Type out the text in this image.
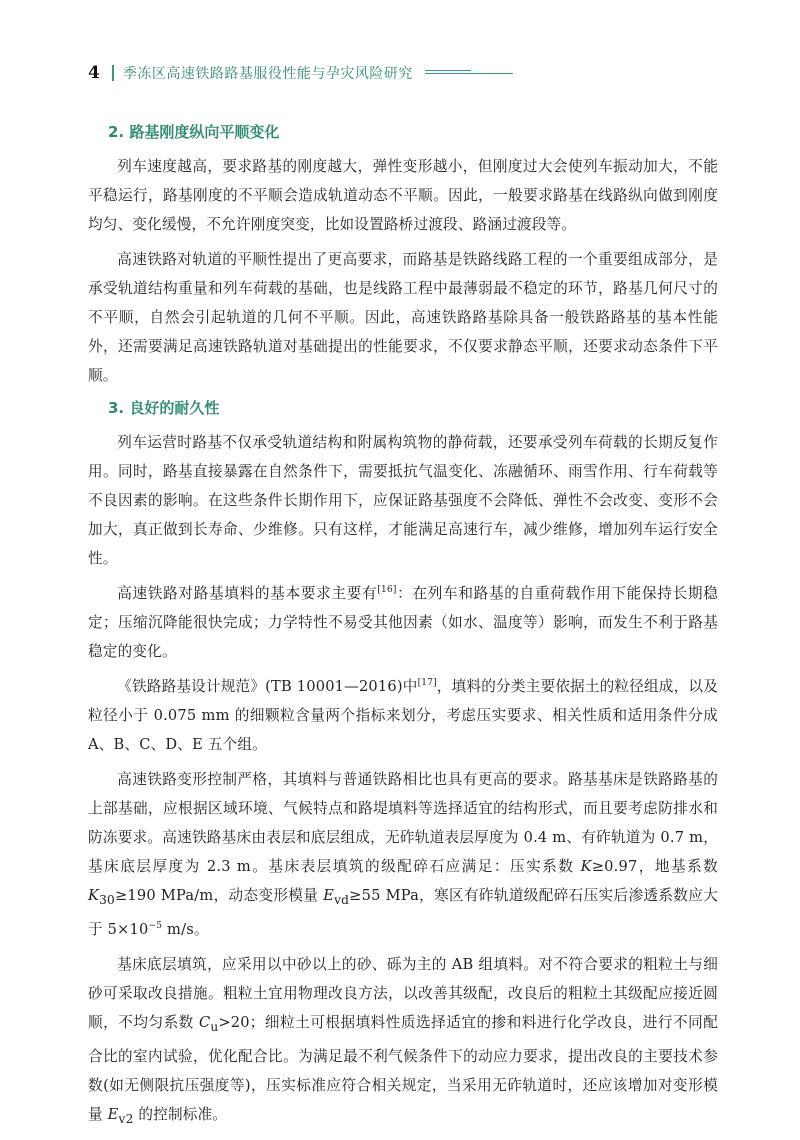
4 季冻区高速铁路路基服役性能与孕灾风险研究
2. 路基刚度纵向平顺变化

列车速度越高，要求路基的刚度越大，弹性变形越小，但刚度过大会使列车振动加大，不能平稳运行，路基刚度的不平顺会造成轨道动态不平顺。因此，一般要求路基在线路纵向做到刚度均匀、变化缓慢，不允许刚度突变，比如设置路桥过渡段、路涵过渡段等。

高速铁路对轨道的平顺性提出了更高要求，而路基是铁路线路工程的一个重要组成部分，是承受轨道结构重量和列车荷载的基础，也是线路工程中最薄弱最不稳定的环节，路基几何尺寸的不平顺，自然会引起轨道的几何不平顺。因此，高速铁路路基除具备一般铁路路基的基本性能外，还需要满足高速铁路轨道对基础提出的性能要求，不仅要求静态平顺，还要求动态条件下平顺。

3. 良好的耐久性

列车运营时路基不仅承受轨道结构和附属构筑物的静荷载，还要承受列车荷载的长期反复作用。同时，路基直接暴露在自然条件下，需要抵抗气温变化、冻融循环、雨雪作用、行车荷载等不良因素的影响。在这些条件长期作用下，应保证路基强度不会降低、弹性不会改变、变形不会加大，真正做到长寿命、少维修。只有这样，才能满足高速行车，减少维修，增加列车运行安全性。

高速铁路对路基填料的基本要求主要有[16]：在列车和路基的自重荷载作用下能保持长期稳定；压缩沉降能很快完成；力学特性不易受其他因素（如水、温度等）影响，而发生不利于路基稳定的变化。

《铁路路基设计规范》(TB 10001—2016)中[17]，填料的分类主要依据土的粒径组成，以及粒径小于 0.075 mm 的细颗粒含量两个指标来划分，考虑压实要求、相关性质和适用条件分成 A、B、C、D、E 五个组。

高速铁路变形控制严格，其填料与普通铁路相比也具有更高的要求。路基基床是铁路路基的上部基础，应根据区域环境、气候特点和路堤填料等选择适宜的结构形式，而且要考虑防排水和防冻要求。高速铁路基床由表层和底层组成，无砟轨道表层厚度为 0.4 m、有砟轨道为 0.7 m，基床底层厚度为 2.3 m。基床表层填筑的级配碎石应满足：压实系数 K≥0.97，地基系数 $K_{30}\ge 190$ MPa/m，动态变形模量 $E_{vd}\ge 55$ MPa，寒区有砟轨道级配碎石压实后渗透系数应大于 $5\times 10^{-5}$ m/s。

基床底层填筑，应采用以中砂以上的砂、砾为主的 AB 组填料。对不符合要求的粗粒土与细砂可采取改良措施。粗粒土宜用物理改良方法，以改善其级配，改良后的粗粒土其级配应接近圆顺，不均匀系数 $C_u>20$；细粒土可根据填料性质选择适宜的掺和料进行化学改良，进行不同配合比的室内试验，优化配合比。为满足最不利气候条件下的动应力要求，提出改良的主要技术参数(如无侧限抗压强度等)，压实标准应符合相关规定，当采用无砟轨道时，还应该增加对变形模量 $E_{v2}$ 的控制标准。
